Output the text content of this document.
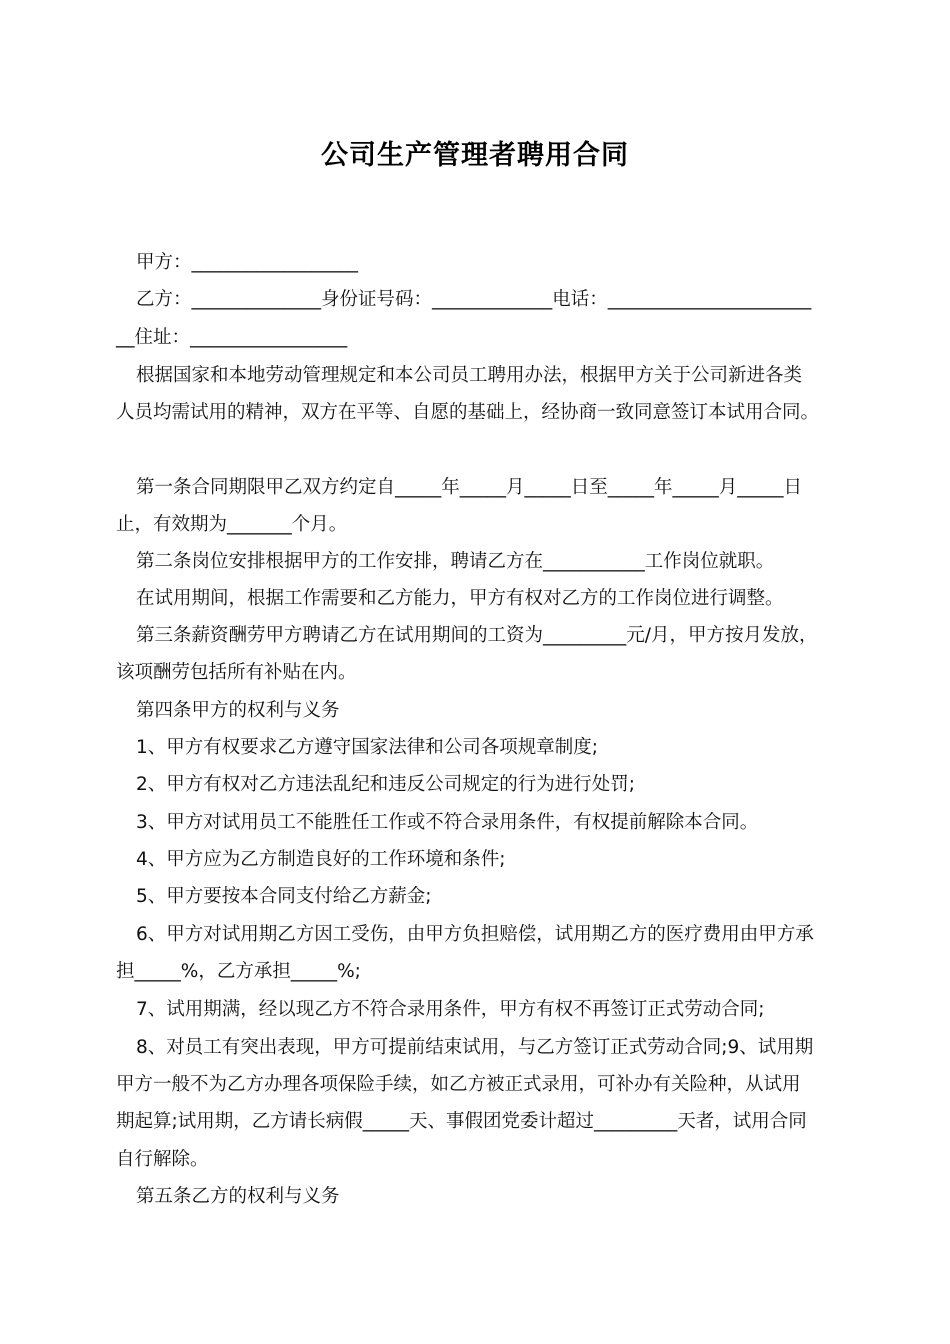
公司生产管理者聘用合同
甲方：__________________
乙方：______________身份证号码：_____________电话：______________________
__住址：_________________
根据国家和本地劳动管理规定和本公司员工聘用办法，根据甲方关于公司新进各类
人员均需试用的精神，双方在平等、自愿的基础上，经协商一致同意签订本试用合同。
第一条合同期限甲乙双方约定自_____年_____月_____日至_____年_____月_____日
止，有效期为_______个月。
第二条岗位安排根据甲方的工作安排，聘请乙方在___________工作岗位就职。
在试用期间，根据工作需要和乙方能力，甲方有权对乙方的工作岗位进行调整。
第三条薪资酬劳甲方聘请乙方在试用期间的工资为_________元/月，甲方按月发放，
该项酬劳包括所有补贴在内。
第四条甲方的权利与义务
1、甲方有权要求乙方遵守国家法律和公司各项规章制度;
2、甲方有权对乙方违法乱纪和违反公司规定的行为进行处罚;
3、甲方对试用员工不能胜任工作或不符合录用条件，有权提前解除本合同。
4、甲方应为乙方制造良好的工作环境和条件;
5、甲方要按本合同支付给乙方薪金;
6、甲方对试用期乙方因工受伤，由甲方负担赔偿，试用期乙方的医疗费用由甲方承
担_____%，乙方承担_____%;
7、试用期满，经以现乙方不符合录用条件，甲方有权不再签订正式劳动合同;
8、对员工有突出表现，甲方可提前结束试用，与乙方签订正式劳动合同;9、试用期
甲方一般不为乙方办理各项保险手续，如乙方被正式录用，可补办有关险种，从试用
期起算;试用期，乙方请长病假_____天、事假团党委计超过_________天者，试用合同
自行解除。
第五条乙方的权利与义务
